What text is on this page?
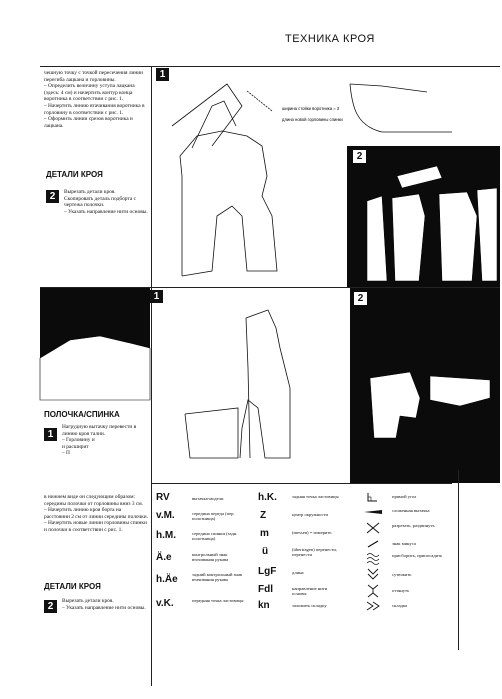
ТЕХНИКА КРОЯ
чешную точку с точкой пересечения линии перегиба лацкана и горловины.
– Определить величину уступа лацкана (здесь: 4 см) и начертить контур конца воротника в соответствии с рис. 1.
– Начертить линию втачивания воротника в горловину в соответствии с рис. 1.
– Оформить линии срезов воротника и лацкана.
ДЕТАЛИ КРОЯ
2	Вырезать детали кроя.
Скопировать деталь подборта с чертежа полочки.
– Указать направление нити основы.
1
ширина стойки воротника = 3
длина новой горловины спинки
2
1	2
ПОЛОЧКА/СПИНКА
1
Нагрудную вытачку перевести в линию кроя талии.
– Горловину и
и расширит
– П
в нижнем виде он следующим образом: середины полочки от горловины вниз 3 см.
– Начертить линию кроя борта на расстоянии 2 см от линии середины полочки.
– Начертить новые линии горловины спинки и полочки в соответствии с рис. 1.
ДЕТАЛИ КРОЯ
2	Вырезать детали кроя.
– Указать направление нити основы.
RV	вытачка-модели
v.M.	середина переда (пер. полотнища)
h.M.	середина спинки (задн. полотнища)
Ä.e	контрольный знак вточивания рукава
h.Äe	задний контрольный знак втачивания рукава
v.K.	передняя точка ластовицы
h.K.	задняя точка ластовицы
Z	центр окружности
m	(messen) = измерить
ü	(übertragen) перенести, перенести
LgF	длина
Fdl	направление нити основы
kn	заложить складку
прямой угол
сложенная вытачка
разрезать, раздвинуть
знак минуса
присборить, припосадить
сутюжить
оттянуть
складка
